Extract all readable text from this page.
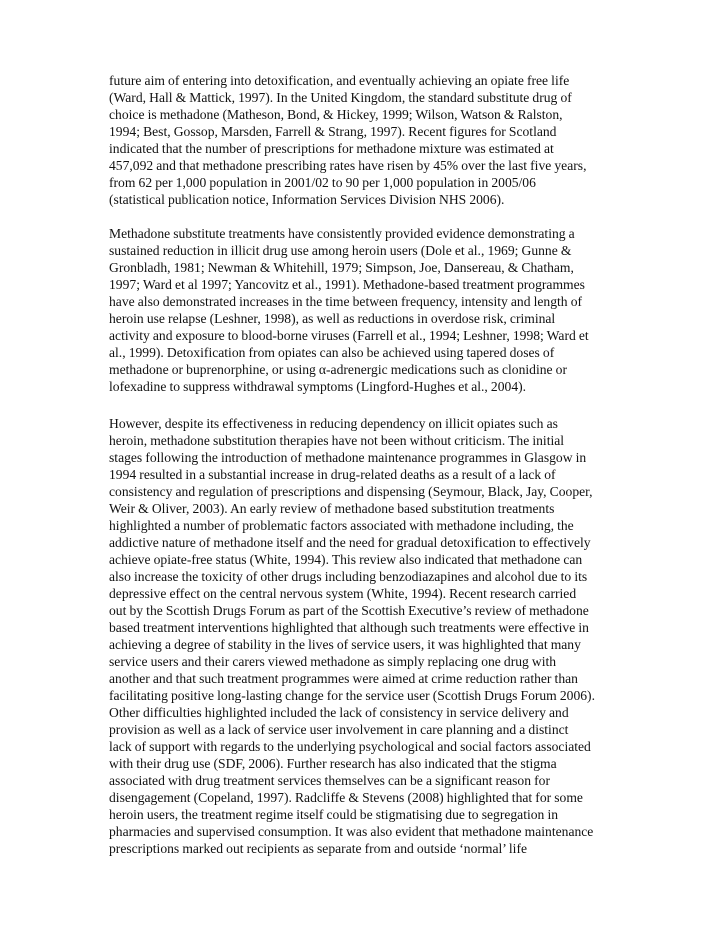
future aim of entering into detoxification, and eventually achieving an opiate free life
(Ward, Hall & Mattick, 1997). In the United Kingdom, the standard substitute drug of
choice is methadone (Matheson, Bond, & Hickey, 1999; Wilson, Watson & Ralston,
1994; Best, Gossop, Marsden, Farrell & Strang, 1997). Recent figures for Scotland
indicated that the number of prescriptions for methadone mixture was estimated at
457,092 and that methadone prescribing rates have risen by 45% over the last five years,
from 62 per 1,000 population in 2001/02 to 90 per 1,000 population in 2005/06
(statistical publication notice, Information Services Division NHS 2006).
Methadone substitute treatments have consistently provided evidence demonstrating a
sustained reduction in illicit drug use among heroin users (Dole et al., 1969; Gunne &
Gronbladh, 1981; Newman & Whitehill, 1979; Simpson, Joe, Dansereau, & Chatham,
1997; Ward et al 1997; Yancovitz et al., 1991). Methadone-based treatment programmes
have also demonstrated increases in the time between frequency, intensity and length of
heroin use relapse (Leshner, 1998), as well as reductions in overdose risk, criminal
activity and exposure to blood-borne viruses (Farrell et al., 1994; Leshner, 1998; Ward et
al., 1999). Detoxification from opiates can also be achieved using tapered doses of
methadone or buprenorphine, or using α-adrenergic medications such as clonidine or
lofexadine to suppress withdrawal symptoms (Lingford-Hughes et al., 2004).
However, despite its effectiveness in reducing dependency on illicit opiates such as
heroin, methadone substitution therapies have not been without criticism. The initial
stages following the introduction of methadone maintenance programmes in Glasgow in
1994 resulted in a substantial increase in drug-related deaths as a result of a lack of
consistency and regulation of prescriptions and dispensing (Seymour, Black, Jay, Cooper,
Weir & Oliver, 2003). An early review of methadone based substitution treatments
highlighted a number of problematic factors associated with methadone including, the
addictive nature of methadone itself and the need for gradual detoxification to effectively
achieve opiate-free status (White, 1994). This review also indicated that methadone can
also increase the toxicity of other drugs including benzodiazapines and alcohol due to its
depressive effect on the central nervous system (White, 1994). Recent research carried
out by the Scottish Drugs Forum as part of the Scottish Executive’s review of methadone
based treatment interventions highlighted that although such treatments were effective in
achieving a degree of stability in the lives of service users, it was highlighted that many
service users and their carers viewed methadone as simply replacing one drug with
another and that such treatment programmes were aimed at crime reduction rather than
facilitating positive long-lasting change for the service user (Scottish Drugs Forum 2006).
Other difficulties highlighted included the lack of consistency in service delivery and
provision as well as a lack of service user involvement in care planning and a distinct
lack of support with regards to the underlying psychological and social factors associated
with their drug use (SDF, 2006). Further research has also indicated that the stigma
associated with drug treatment services themselves can be a significant reason for
disengagement (Copeland, 1997). Radcliffe & Stevens (2008) highlighted that for some
heroin users, the treatment regime itself could be stigmatising due to segregation in
pharmacies and supervised consumption. It was also evident that methadone maintenance
prescriptions marked out recipients as separate from and outside ‘normal’ life
